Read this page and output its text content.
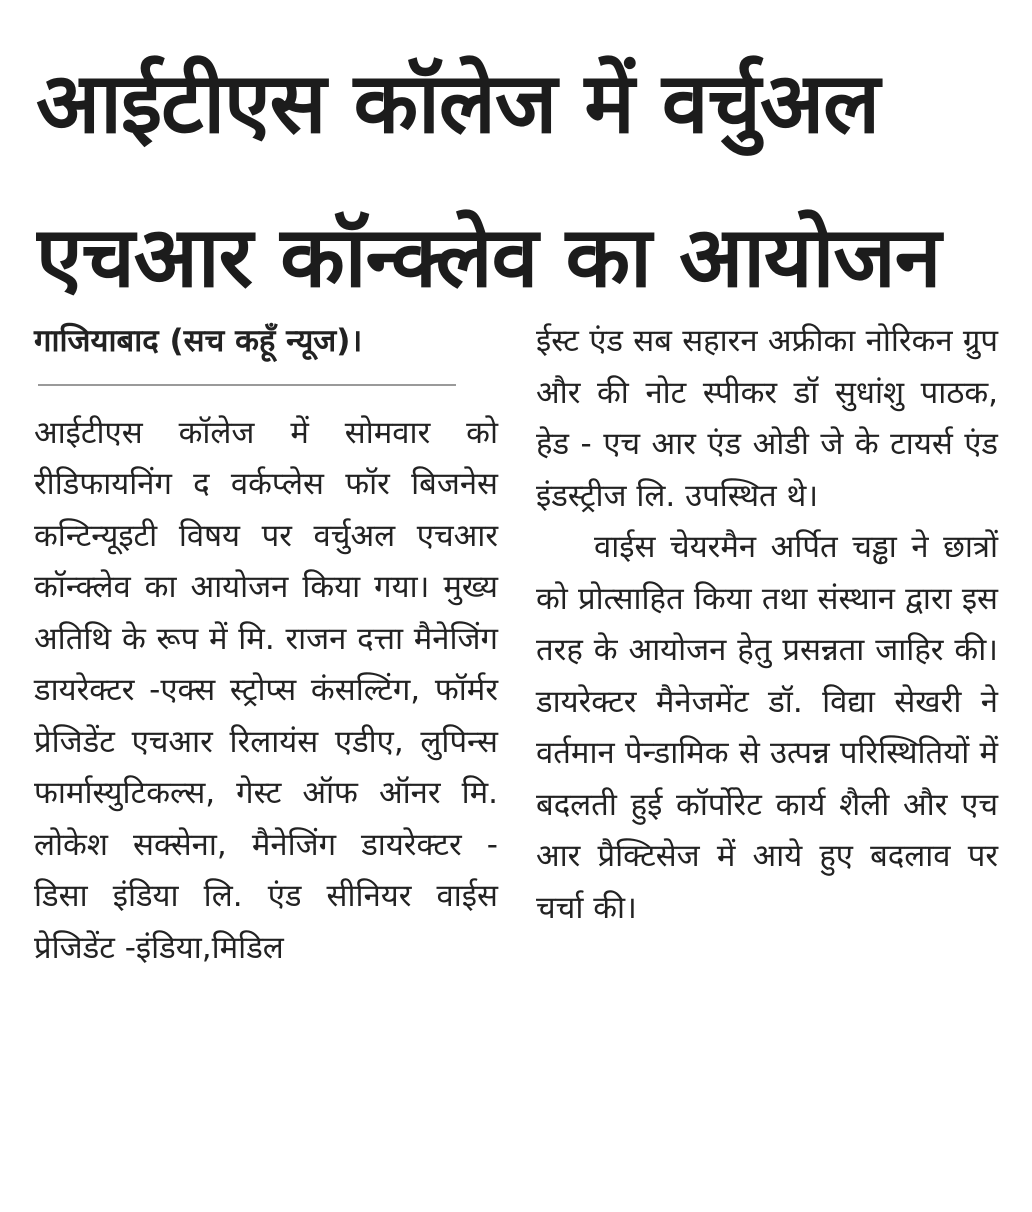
आईटीएस कॉलेज में वर्चुअल
एचआर कॉन्क्लेव का आयोजन
गाजियाबाद (सच कहूँ न्यूज)।

आईटीएस कॉलेज में सोमवार को रीडिफायनिंग द वर्कप्लेस फॉर बिजनेस कन्टिन्यूइटी विषय पर वर्चुअल एचआर कॉन्क्लेव का आयोजन किया गया। मुख्य अतिथि के रूप में मि. राजन दत्ता मैनेजिंग डायरेक्टर -एक्स स्ट्रोप्स कंसल्टिंग, फॉर्मर प्रेजिडेंट एचआर रिलायंस एडीए, लुपिन्स फार्मास्युटिकल्स, गेस्ट ऑफ ऑनर मि. लोकेश सक्सेना, मैनेजिंग डायरेक्टर - डिसा इंडिया लि. एंड सीनियर वाईस प्रेजिडेंट -इंडिया,मिडिल

ईस्ट एंड सब सहारन अफ्रीका नोरिकन ग्रुप और की नोट स्पीकर डॉ सुधांशु पाठक, हेड - एच आर एंड ओडी जे के टायर्स एंड इंडस्ट्रीज लि. उपस्थित थे।

वाईस चेयरमैन अर्पित चड्ढा ने छात्रों को प्रोत्साहित किया तथा संस्थान द्वारा इस तरह के आयोजन हेतु प्रसन्नता जाहिर की। डायरेक्टर मैनेजमेंट डॉ. विद्या सेखरी ने वर्तमान पेन्डामिक से उत्पन्न परिस्थितियों में बदलती हुई कॉर्पोरेट कार्य शैली और एच आर प्रैक्टिसेज में आये हुए बदलाव पर चर्चा की।
